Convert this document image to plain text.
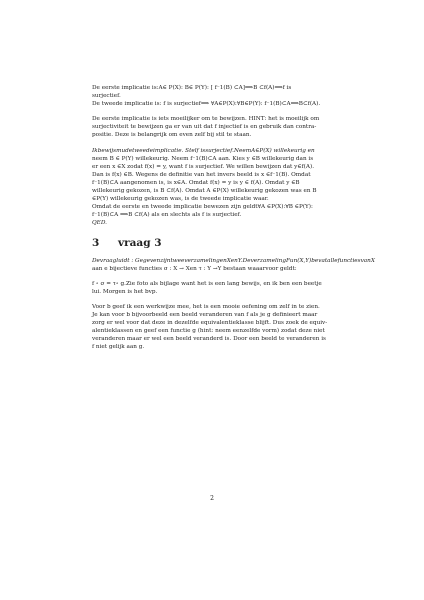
De eerste implicatie is:A∈ P(X): B∈ P(Y): [ f⁻1(B) ⊂A]⟹B ⊂f(A)⟹f is

surjectief.

De tweede implicatie is: f is surjectief⟹ ∀A∈P(X):∀B∈P(Y): f⁻1(B)⊂A⟹B⊂f(A).

De eerste implicatie is iets moeilijker om te bewijzen. HINT: het is moeilijk om

surjectiviteit te bewijzen ga er van uit dat f injectief is en gebruik dan contra-

positie. Deze is belangrijk om even zelf bij stil te staan.

Ikbewijsmudetweedeimplicatie. Stelf issurjectief.NeemA∈P(X) willekeurig en

neem B ∈ P(Y) willekeurig. Neem f⁻1(B)⊂A aan. Kies y ∈B willekeurig dan is

er een x ∈X zodat f(x) = y, want f is surjectief. We willen bewijzen dat y∈f(A).

Dan is f(x) ∈B. Wegens de definitie van het invers beeld is x ∈f⁻1(B). Omdat

f⁻1(B)⊂A aangenomen is, is x∈A. Omdat f(x) = y is y ∈ f(A). Omdat y ∈B

willekeurig gekozen, is B ⊂f(A). Omdat A ∈P(X) willekeurig gekozen was en B

∈P(Y) willekeurig gekozen was, is de tweede implicatie waar.

Omdat de eerste en tweede implicatie bewezen zijn geldt∀A ∈P(X):∀B ∈P(Y):

f⁻1(B)⊂A ⟹B ⊂f(A) als en slechts als f is surjectief.

QED.

3 vraag 3

Devraagluidt : GegevenzijntweeverzamelingenXenY.DeverzamelingFun(X,Y)bevatallefunctiesvanX

aan e bijectieve functies σ : X → Xen τ : Y →Y bestaan waaarvoor geldt:

f ∘ σ = τ∘ g.Zie foto als bijlage want het is een lang bewijs, en ik ben een beetje

lui. Morgen is het bvp.

Voor b geef ik een werkwijze mee, het is een mooie oefening om zelf in te zien.

Je kan voor b bijvoorbeeld een beeld veranderen van f als je g definieert maar

zorg er wel voor dat deze in dezelfde equivalentieklasse blijft. Dus zoek de equiv-

alentieklassen en geef een functie g (hint: neem eenzelfde vorm) zodat deze niet

veranderen maar er wel een beeld veranderd is. Door een beeld te veranderen is

f niet gelijk aan g.

2
